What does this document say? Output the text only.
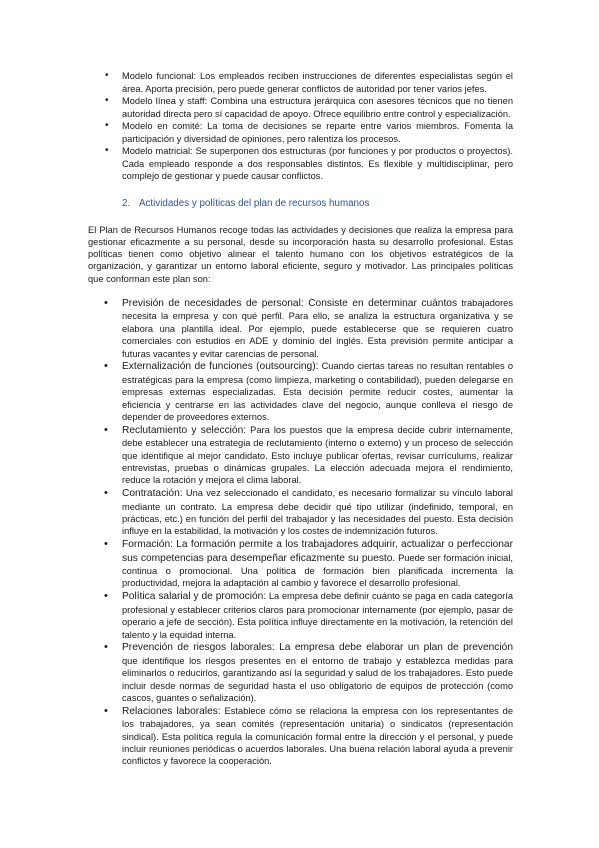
• Modelo funcional: Los empleados reciben instrucciones de diferentes especialistas según el área. Aporta precisión, pero puede generar conflictos de autoridad por tener varios jefes.
• Modelo línea y staff: Combina una estructura jerárquica con asesores técnicos que no tienen autoridad directa pero sí capacidad de apoyo. Ofrece equilibrio entre control y especialización.
• Modelo en comité: La toma de decisiones se reparte entre varios miembros. Fomenta la participación y diversidad de opiniones, pero ralentiza los procesos.
• Modelo matricial: Se superponen dos estructuras (por funciones y por productos o proyectos). Cada empleado responde a dos responsables distintos. Es flexible y multidisciplinar, pero complejo de gestionar y puede causar conflictos.
2. Actividades y políticas del plan de recursos humanos

El Plan de Recursos Humanos recoge todas las actividades y decisiones que realiza la empresa para gestionar eficazmente a su personal, desde su incorporación hasta su desarrollo profesional. Estas políticas tienen como objetivo alinear el talento humano con los objetivos estratégicos de la organización, y garantizar un entorno laboral eficiente, seguro y motivador. Las principales políticas que conforman este plan son:

• Previsión de necesidades de personal: Consiste en determinar cuántos trabajadores necesita la empresa y con qué perfil. Para ello, se analiza la estructura organizativa y se elabora una plantilla ideal. Por ejemplo, puede establecerse que se requieren cuatro comerciales con estudios en ADE y dominio del inglés. Esta previsión permite anticipar a futuras vacantes y evitar carencias de personal.
• Externalización de funciones (outsourcing): Cuando ciertas tareas no resultan rentables o estratégicas para la empresa (como limpieza, marketing o contabilidad), pueden delegarse en empresas externas especializadas. Esta decisión permite reducir costes, aumentar la eficiencia y centrarse en las actividades clave del negocio, aunque conlleva el riesgo de depender de proveedores externos.
• Reclutamiento y selección: Para los puestos que la empresa decide cubrir internamente, debe establecer una estrategia de reclutamiento (interno o externo) y un proceso de selección que identifique al mejor candidato. Esto incluye publicar ofertas, revisar currículums, realizar entrevistas, pruebas o dinámicas grupales. La elección adecuada mejora el rendimiento, reduce la rotación y mejora el clima laboral.
• Contratación: Una vez seleccionado el candidato, es necesario formalizar su vínculo laboral mediante un contrato. La empresa debe decidir qué tipo utilizar (indefinido, temporal, en prácticas, etc.) en función del perfil del trabajador y las necesidades del puesto. Esta decisión influye en la estabilidad, la motivación y los costes de indemnización futuros.
• Formación: La formación permite a los trabajadores adquirir, actualizar o perfeccionar sus competencias para desempeñar eficazmente su puesto. Puede ser formación inicial, continua o promocional. Una política de formación bien planificada incrementa la productividad, mejora la adaptación al cambio y favorece el desarrollo profesional.
• Política salarial y de promoción: La empresa debe definir cuánto se paga en cada categoría profesional y establecer criterios claros para promocionar internamente (por ejemplo, pasar de operario a jefe de sección). Esta política influye directamente en la motivación, la retención del talento y la equidad interna.
• Prevención de riesgos laborales: La empresa debe elaborar un plan de prevención que identifique los riesgos presentes en el entorno de trabajo y establezca medidas para eliminarlos o reducirlos, garantizando así la seguridad y salud de los trabajadores. Esto puede incluir desde normas de seguridad hasta el uso obligatorio de equipos de protección (como cascos, guantes o señalización).
• Relaciones laborales: Establece cómo se relaciona la empresa con los representantes de los trabajadores, ya sean comités (representación unitaria) o sindicatos (representación sindical). Esta política regula la comunicación formal entre la dirección y el personal, y puede incluir reuniones periódicas o acuerdos laborales. Una buena relación laboral ayuda a prevenir conflictos y favorece la cooperación.
